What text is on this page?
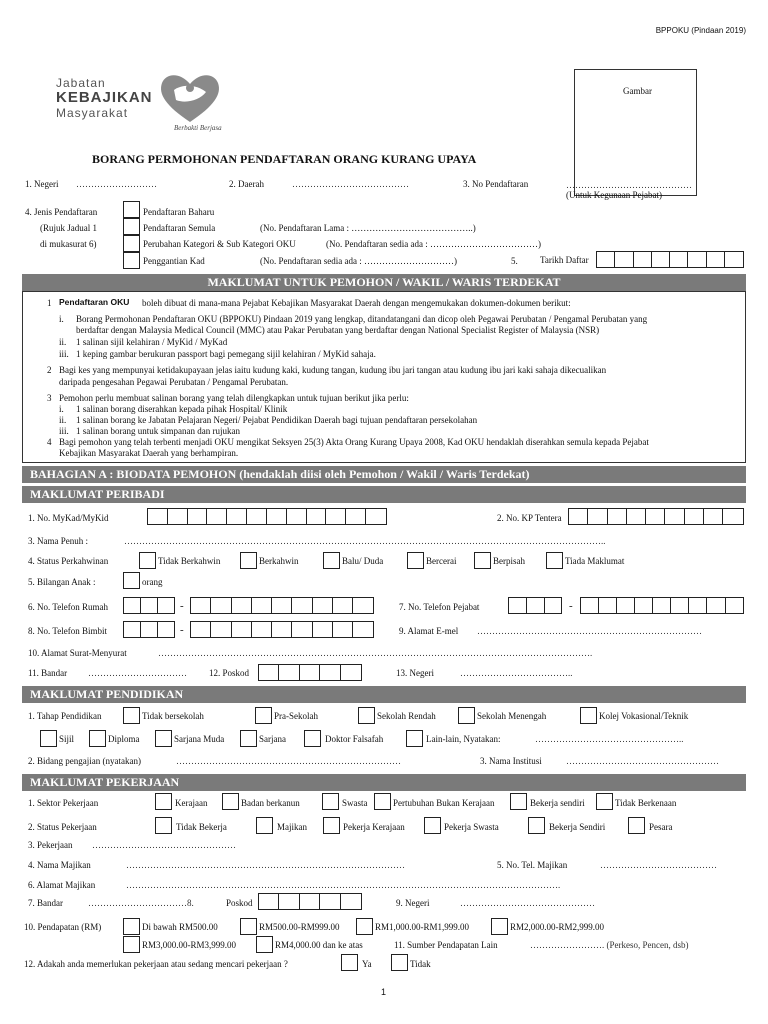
BPPOKU (Pindaan 2019)
Jabatan
KEBAJIKAN
Masyarakat
Berbakti Berjasa
Gambar
BORANG PERMOHONAN PENDAFTARAN ORANG KURANG UPAYA
1. Negeri ………………………	2. Daerah	…………………………………	3. No Pendaftaran	……………………………………
(Untuk Kegunaan Pejabat)
4. Jenis Pendaftaran
(Rujuk Jadual 1
di mukasurat 6)
Pendaftaran Baharu
Pendaftaran Semula	(No. Pendaftaran Lama : …………………………………..)
Perubahan Kategori & Sub Kategori OKU	(No. Pendaftaran sedia ada : ………………………………)
Penggantian Kad	(No. Pendaftaran sedia ada : …………………………)	5. Tarikh Daftar
MAKLUMAT UNTUK PEMOHON / WAKIL / WARIS TERDEKAT
1 Pendaftaran OKU boleh dibuat di mana-mana Pejabat Kebajikan Masyarakat Daerah dengan mengemukakan dokumen-dokumen berikut:
i. Borang Permohonan Pendaftaran OKU (BPPOKU) Pindaan 2019 yang lengkap, ditandatangani dan dicop oleh Pegawai Perubatan / Pengamal Perubatan yang
berdaftar dengan Malaysia Medical Council (MMC) atau Pakar Perubatan yang berdaftar dengan National Specialist Register of Malaysia (NSR)
ii. 1 salinan sijil kelahiran / MyKid / MyKad
iii. 1 keping gambar berukuran passport bagi pemegang sijil kelahiran / MyKid sahaja.
2 Bagi kes yang mempunyai ketidakupayaan jelas iaitu kudung kaki, kudung tangan, kudung ibu jari tangan atau kudung ibu jari kaki sahaja dikecualikan
daripada pengesahan Pegawai Perubatan / Pengamal Perubatan.
3 Pemohon perlu membuat salinan borang yang telah dilengkapkan untuk tujuan berikut jika perlu:
i. 1 salinan borang diserahkan kepada pihak Hospital/ Klinik
ii. 1 salinan borang ke Jabatan Pelajaran Negeri/ Pejabat Pendidikan Daerah bagi tujuan pendaftaran persekolahan
iii. 1 salinan borang untuk simpanan dan rujukan
4 Bagi pemohon yang telah terbenti menjadi OKU mengikat Seksyen 25(3) Akta Orang Kurang Upaya 2008, Kad OKU hendaklah diserahkan semula kepada Pejabat
Kebajikan Masyarakat Daerah yang berhampiran.
BAHAGIAN A : BIODATA PEMOHON (hendaklah diisi oleh Pemohon / Wakil / Waris Terdekat)
MAKLUMAT PERIBADI
1. No. MyKad/MyKid	2. No. KP Tentera
3. Nama Penuh :	……………………………………………………………………………………………………………………………………………..
4. Status Perkahwinan	Tidak Berkahwin	Berkahwin	Balu/ Duda	Bercerai	Berpisah	Tiada Maklumat
5. Bilangan Anak :	orang
6. No. Telefon Rumah	-	7. No. Telefon Pejabat	-
8. No. Telefon Bimbit	-	9. Alamat E-mel …………………………………………………………………
10. Alamat Surat-Menyurat	……………………………………………………………………………………………………………………………….
11. Bandar …………………………… 12. Poskod	13. Negeri	………………………………..
MAKLUMAT PENDIDIKAN
1. Tahap Pendidikan	Tidak bersekolah	Pra-Sekolah	Sekolah Rendah	Sekolah Menengah	Kolej Vokasional/Teknik
Sijil	Diploma	Sarjana Muda	Sarjana	Doktor Falsafah	Lain-lain, Nyatakan:	…………………………………………..
2. Bidang pengajian (nyatakan)	…………………………………………………………………	3. Nama Institusi	……………………………………………
MAKLUMAT PEKERJAAN
1. Sektor Pekerjaan	Kerajaan	Badan berkanun	Swasta	Pertubuhan Bukan Kerajaan	Bekerja sendiri	Tidak Berkenaan
2. Status Pekerjaan	Tidak Bekerja	Majikan	Pekerja Kerajaan	Pekerja Swasta	Bekerja Sendiri	Pesara
3. Pekerjaan …………………………………………
4. Nama Majikan	…………………………………………………………………………………	5. No. Tel. Majikan	…………………………………
6. Alamat Majikan	……………………………………………………………………………………………………………………………….
7. Bandar	……………………………8.	Poskod	9. Negeri	………………………………………
10. Pendapatan (RM)	Di bawah RM500.00	RM500.00-RM999.00	RM1,000.00-RM1,999.00	RM2,000.00-RM2,999.00
RM3,000.00-RM3,999.00	RM4,000.00 dan ke atas	11. Sumber Pendapatan Lain	……………………. (Perkeso, Pencen, dsb)
12. Adakah anda memerlukan pekerjaan atau sedang mencari pekerjaan ?	Ya	Tidak
1
